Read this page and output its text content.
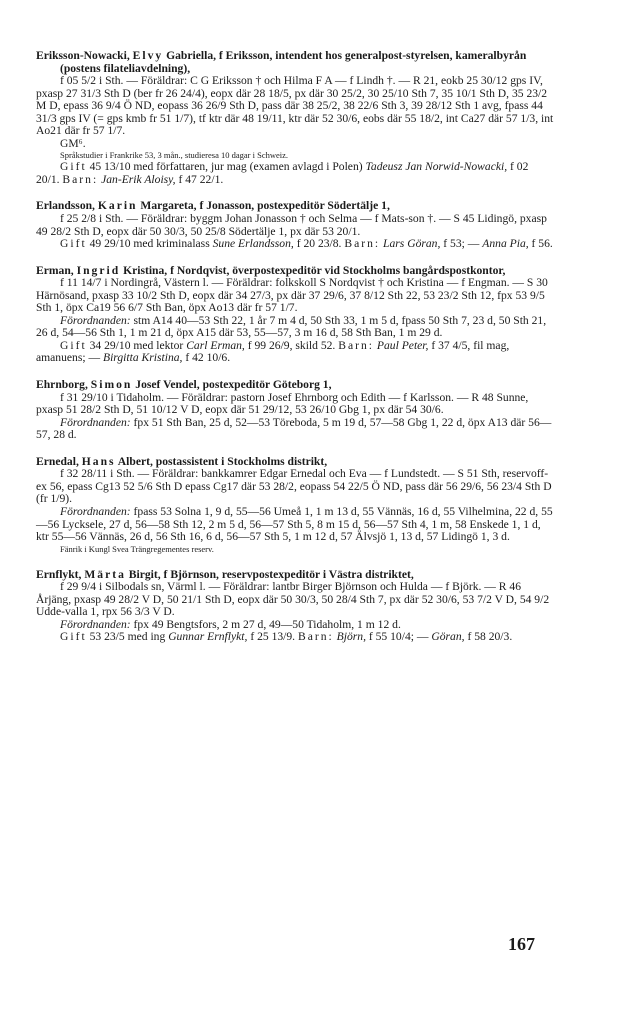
Eriksson-Nowacki, Elvy Gabriella, f Eriksson, intendent hos generalpost-styrelsen, kameralbyrån (postens filateliavdelning),
f 05 5/2 i Sth. — Föräldrar: C G Eriksson † och Hilma F A — f Lindh †. — R 21, eokb 25 30/12 gps IV, pxasp 27 31/3 Sth D (ber fr 26 24/4), eopx där 28 18/5, px där 30 25/2, 30 25/10 Sth 7, 35 10/1 Sth D, 35 23/2 M D, epass 36 9/4 Ö ND, eopass 36 26/9 Sth D, pass där 38 25/2, 38 22/6 Sth 3, 39 28/12 Sth 1 avg, fpass 44 31/3 gps IV (= gps kmb fr 51 1/7), tf ktr där 48 19/11, ktr där 52 30/6, eobs där 55 18/2, int Ca27 där 57 1/3, int Ao21 där fr 57 1/7.
GM⁶.
Språkstudier i Frankrike 53, 3 mån., studieresa 10 dagar i Schweiz.
Gift 45 13/10 med författaren, jur mag (examen avlagd i Polen) Tadeusz Jan Norwid-Nowacki, f 02 20/1. Barn: Jan-Erik Aloisy, f 47 22/1.
Erlandsson, Karin Margareta, f Jonasson, postexpeditör Södertälje 1,
f 25 2/8 i Sth. — Föräldrar: byggm Johan Jonasson † och Selma — f Mats-son †. — S 45 Lidingö, pxasp 49 28/2 Sth D, eopx där 50 30/3, 50 25/8 Södertälje 1, px där 53 20/1.
Gift 49 29/10 med kriminalass Sune Erlandsson, f 20 23/8. Barn: Lars Göran, f 53; — Anna Pia, f 56.
Erman, Ingrid Kristina, f Nordqvist, överpostexpeditör vid Stockholms bangårdspostkontor,
f 11 14/7 i Nordingrå, Västern l. — Föräldrar: folkskoll S Nordqvist † och Kristina — f Engman. — S 30 Härnösand, pxasp 33 10/2 Sth D, eopx där 34 27/3, px där 37 29/6, 37 8/12 Sth 22, 53 23/2 Sth 12, fpx 53 9/5 Sth 1, öpx Ca19 56 6/7 Sth Ban, öpx Ao13 där fr 57 1/7.
Förordnanden: stm A14 40—53 Sth 22, 1 år 7 m 4 d, 50 Sth 33, 1 m 5 d, fpass 50 Sth 7, 23 d, 50 Sth 21, 26 d, 54—56 Sth 1, 1 m 21 d, öpx A15 där 53, 55—57, 3 m 16 d, 58 Sth Ban, 1 m 29 d.
Gift 34 29/10 med lektor Carl Erman, f 99 26/9, skild 52. Barn: Paul Peter, f 37 4/5, fil mag, amanuens; — Birgitta Kristina, f 42 10/6.
Ehrnborg, Simon Josef Vendel, postexpeditör Göteborg 1,
f 31 29/10 i Tidaholm. — Föräldrar: pastorn Josef Ehrnborg och Edith — f Karlsson. — R 48 Sunne, pxasp 51 28/2 Sth D, 51 10/12 V D, eopx där 51 29/12, 53 26/10 Gbg 1, px där 54 30/6.
Förordnanden: fpx 51 Sth Ban, 25 d, 52—53 Töreboda, 5 m 19 d, 57—58 Gbg 1, 22 d, öpx A13 där 56—57, 28 d.
Ernedal, Hans Albert, postassistent i Stockholms distrikt,
f 32 28/11 i Sth. — Föräldrar: bankkamrer Edgar Ernedal och Eva — f Lundstedt. — S 51 Sth, reservoff-ex 56, epass Cg13 52 5/6 Sth D epass Cg17 där 53 28/2, eopass 54 22/5 Ö ND, pass där 56 29/6, 56 23/4 Sth D (fr 1/9).
Förordnanden: fpass 53 Solna 1, 9 d, 55—56 Umeå 1, 1 m 13 d, 55 Vännäs, 16 d, 55 Vilhelmina, 22 d, 55—56 Lycksele, 27 d, 56—58 Sth 12, 2 m 5 d, 56—57 Sth 5, 8 m 15 d, 56—57 Sth 4, 1 m, 58 Enskede 1, 1 d, ktr 55—56 Vännäs, 26 d, 56 Sth 16, 6 d, 56—57 Sth 5, 1 m 12 d, 57 Älvsjö 1, 13 d, 57 Lidingö 1, 3 d.
Fänrik i Kungl Svea Trängregementes reserv.
Ernflykt, Märta Birgit, f Björnson, reservpostexpeditör i Västra distriktet,
f 29 9/4 i Silbodals sn, Värml l. — Föräldrar: lantbr Birger Björnson och Hulda — f Björk. — R 46 Årjäng, pxasp 49 28/2 V D, 50 21/1 Sth D, eopx där 50 30/3, 50 28/4 Sth 7, px där 52 30/6, 53 7/2 V D, 54 9/2 Udde-valla 1, rpx 56 3/3 V D.
Förordnanden: fpx 49 Bengtsfors, 2 m 27 d, 49—50 Tidaholm, 1 m 12 d.
Gift 53 23/5 med ing Gunnar Ernflykt, f 25 13/9. Barn: Björn, f 55 10/4; — Göran, f 58 20/3.
167
